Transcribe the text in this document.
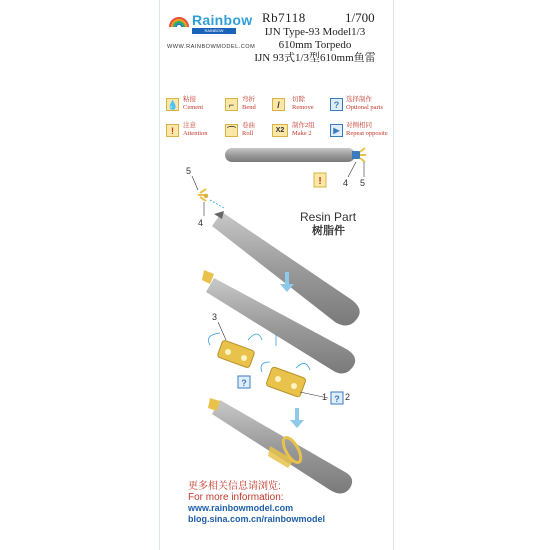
Rainbow
RAINBOW
WWW.RAINBOWMODEL.COM
Rb7118	1/700
IJN Type-93 Model1/3
610mm Torpedo
IJN 93式1/3型610mm鱼雷
💧
粘接
Cement	⌐
弯折
Bend	/
切除
Remove	?
选择制作
Optional parts
!
注意
Attention ⌒
卷曲
Roll	X2
制作2组
Make 2	▶
对侧相同
Repeat opposite
!
?
?
4 5
5
4
3
1 2
Resin Part
树脂件
更多相关信息请浏览:
For more information:
www.rainbowmodel.com
blog.sina.com.cn/rainbowmodel
